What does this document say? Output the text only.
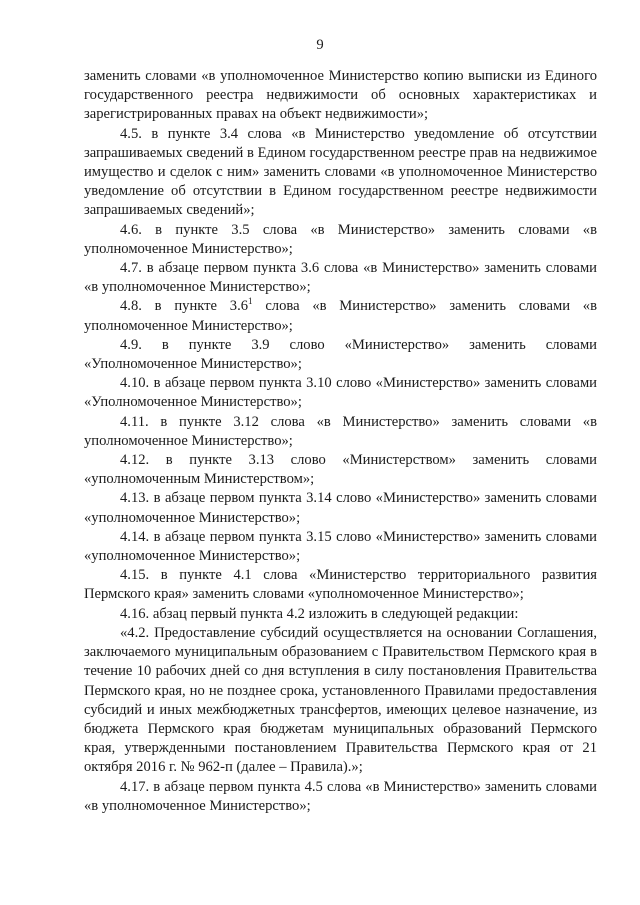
9

заменить словами «в уполномоченное Министерство копию выписки из Единого государственного реестра недвижимости об основных характеристиках и зарегистрированных правах на объект недвижимости»;

4.5. в пункте 3.4 слова «в Министерство уведомление об отсутствии запрашиваемых сведений в Едином государственном реестре прав на недвижимое имущество и сделок с ним» заменить словами «в уполномоченное Министерство уведомление об отсутствии в Едином государственном реестре недвижимости запрашиваемых сведений»;

4.6. в пункте 3.5 слова «в Министерство» заменить словами «в уполномоченное Министерство»;

4.7. в абзаце первом пункта 3.6 слова «в Министерство» заменить словами «в уполномоченное Министерство»;

4.8. в пункте $3.6^1$ слова «в Министерство» заменить словами «в уполномоченное Министерство»;

4.9. в пункте 3.9 слово «Министерство» заменить словами «Уполномоченное Министерство»;

4.10. в абзаце первом пункта 3.10 слово «Министерство» заменить словами «Уполномоченное Министерство»;

4.11. в пункте 3.12 слова «в Министерство» заменить словами «в уполномоченное Министерство»;

4.12. в пункте 3.13 слово «Министерством» заменить словами «уполномоченным Министерством»;

4.13. в абзаце первом пункта 3.14 слово «Министерство» заменить словами «уполномоченное Министерство»;

4.14. в абзаце первом пункта 3.15 слово «Министерство» заменить словами «уполномоченное Министерство»;

4.15. в пункте 4.1 слова «Министерство территориального развития Пермского края» заменить словами «уполномоченное Министерство»;

4.16. абзац первый пункта 4.2 изложить в следующей редакции:

«4.2. Предоставление субсидий осуществляется на основании Соглашения, заключаемого муниципальным образованием с Правительством Пермского края в течение 10 рабочих дней со дня вступления в силу постановления Правительства Пермского края, но не позднее срока, установленного Правилами предоставления субсидий и иных межбюджетных трансфертов, имеющих целевое назначение, из бюджета Пермского края бюджетам муниципальных образований Пермского края, утвержденными постановлением Правительства Пермского края от 21 октября 2016 г. № 962-п (далее – Правила).»;

4.17. в абзаце первом пункта 4.5 слова «в Министерство» заменить словами «в уполномоченное Министерство»;
